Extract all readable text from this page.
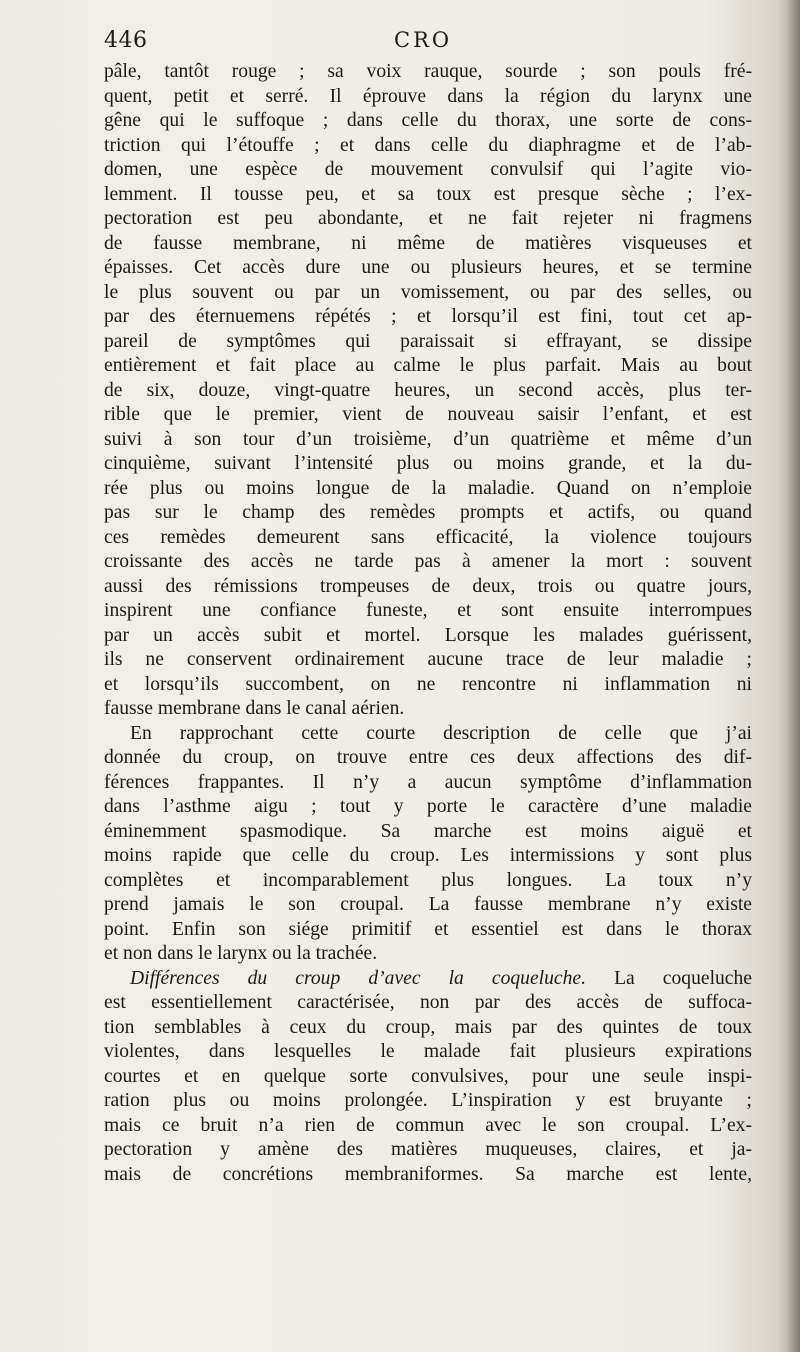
446	CRO
pâle, tantôt rouge ; sa voix rauque, sourde ; son pouls fré-
quent, petit et serré. Il éprouve dans la région du larynx une
gêne qui le suffoque ; dans celle du thorax, une sorte de cons-
triction qui l’étouffe ; et dans celle du diaphragme et de l’ab-
domen, une espèce de mouvement convulsif qui l’agite vio-
lemment. Il tousse peu, et sa toux est presque sèche ; l’ex-
pectoration est peu abondante, et ne fait rejeter ni fragmens
de fausse membrane, ni même de matières visqueuses et
épaisses. Cet accès dure une ou plusieurs heures, et se termine
le plus souvent ou par un vomissement, ou par des selles, ou
par des éternuemens répétés ; et lorsqu’il est fini, tout cet ap-
pareil de symptômes qui paraissait si effrayant, se dissipe
entièrement et fait place au calme le plus parfait. Mais au bout
de six, douze, vingt-quatre heures, un second accès, plus ter-
rible que le premier, vient de nouveau saisir l’enfant, et est
suivi à son tour d’un troisième, d’un quatrième et même d’un
cinquième, suivant l’intensité plus ou moins grande, et la du-
rée plus ou moins longue de la maladie. Quand on n’emploie
pas sur le champ des remèdes prompts et actifs, ou quand
ces remèdes demeurent sans efficacité, la violence toujours
croissante des accès ne tarde pas à amener la mort : souvent
aussi des rémissions trompeuses de deux, trois ou quatre jours,
inspirent une confiance funeste, et sont ensuite interrompues
par un accès subit et mortel. Lorsque les malades guérissent,
ils ne conservent ordinairement aucune trace de leur maladie ;
et lorsqu’ils succombent, on ne rencontre ni inflammation ni
fausse membrane dans le canal aérien.
En rapprochant cette courte description de celle que j’ai
donnée du croup, on trouve entre ces deux affections des dif-
férences frappantes. Il n’y a aucun symptôme d’inflammation
dans l’asthme aigu ; tout y porte le caractère d’une maladie
éminemment spasmodique. Sa marche est moins aiguë et
moins rapide que celle du croup. Les intermissions y sont plus
complètes et incomparablement plus longues. La toux n’y
prend jamais le son croupal. La fausse membrane n’y existe
point. Enfin son siége primitif et essentiel est dans le thorax
et non dans le larynx ou la trachée.
Différences du croup d’avec la coqueluche. La coqueluche
est essentiellement caractérisée, non par des accès de suffoca-
tion semblables à ceux du croup, mais par des quintes de toux
violentes, dans lesquelles le malade fait plusieurs expirations
courtes et en quelque sorte convulsives, pour une seule inspi-
ration plus ou moins prolongée. L’inspiration y est bruyante ;
mais ce bruit n’a rien de commun avec le son croupal. L’ex-
pectoration y amène des matières muqueuses, claires, et ja-
mais de concrétions membraniformes. Sa marche est lente,
